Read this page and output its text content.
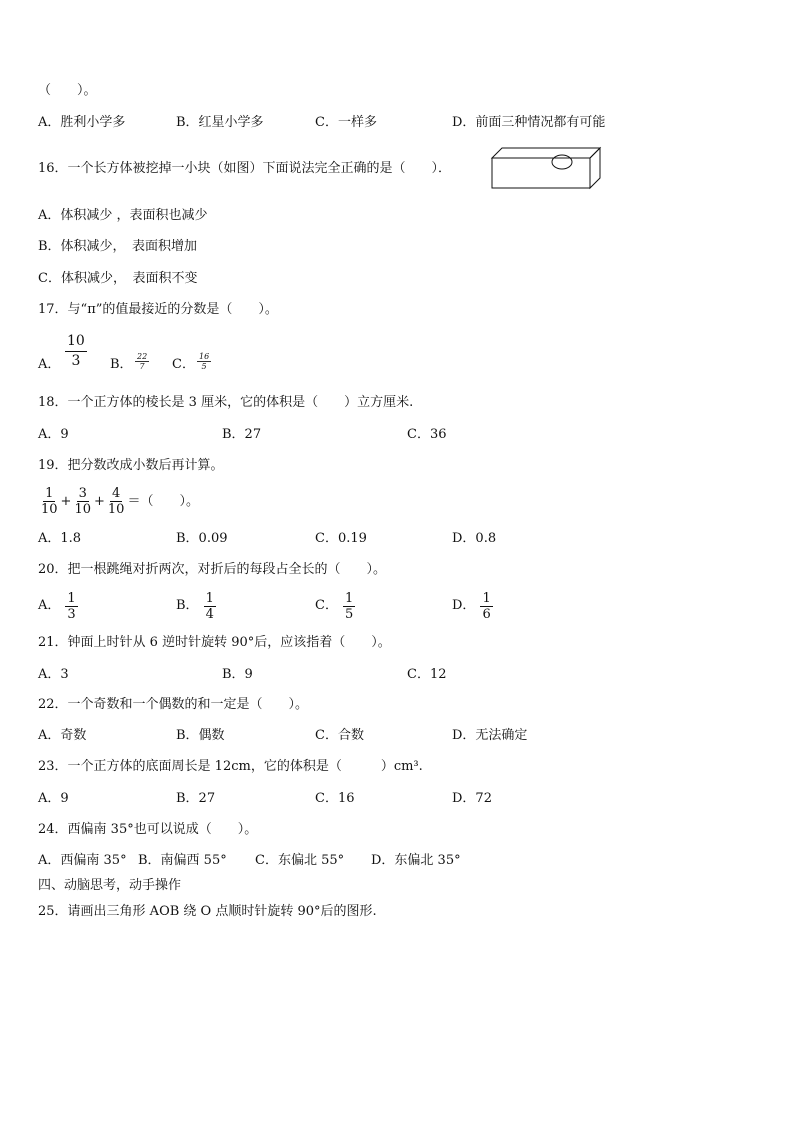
（　　）。
A．胜利小学多	B．红星小学多	C．一样多	D．前面三种情况都有可能
16．一个长方体被挖掉一小块（如图）下面说法完全正确的是（　　）．
A．体积减少 ，表面积也减少
B．体积减少，　表面积增加
C．体积减少，　表面积不变
17．与“π”的值最接近的分数是（　　）。
A． $\frac{10}{3}$ B． $\frac{22}{7}$ C． $\frac{16}{5}$
18．一个正方体的棱长是 3 厘米，它的体积是（　　）立方厘米.
A．9	B．27	C．36
19．把分数改成小数后再计算。
$\frac{1}{10} + \frac{3}{10} + \frac{4}{10}$ ＝（　　）。
A．1.8	B．0.09	C．0.19	D．0.8
20．把一根跳绳对折两次，对折后的每段占全长的（　　）。
A． $\frac{1}{3}$	B． $\frac{1}{4}$	C． $\frac{1}{5}$	D． $\frac{1}{6}$
21．钟面上时针从 6 逆时针旋转 90°后，应该指着（　　）。
A．3	B．9	C．12
22．一个奇数和一个偶数的和一定是（　　）。
A．奇数	B．偶数	C．合数	D．无法确定
23．一个正方体的底面周长是 12cm，它的体积是（　　　）cm³.
A．9	B．27	C．16	D．72
24．西偏南 35°也可以说成（　　）。
A．西偏南 35° B．南偏西 55° C．东偏北 55° D．东偏北 35°
四、动脑思考，动手操作
25．请画出三角形 AOB 绕 O 点顺时针旋转 90°后的图形.
